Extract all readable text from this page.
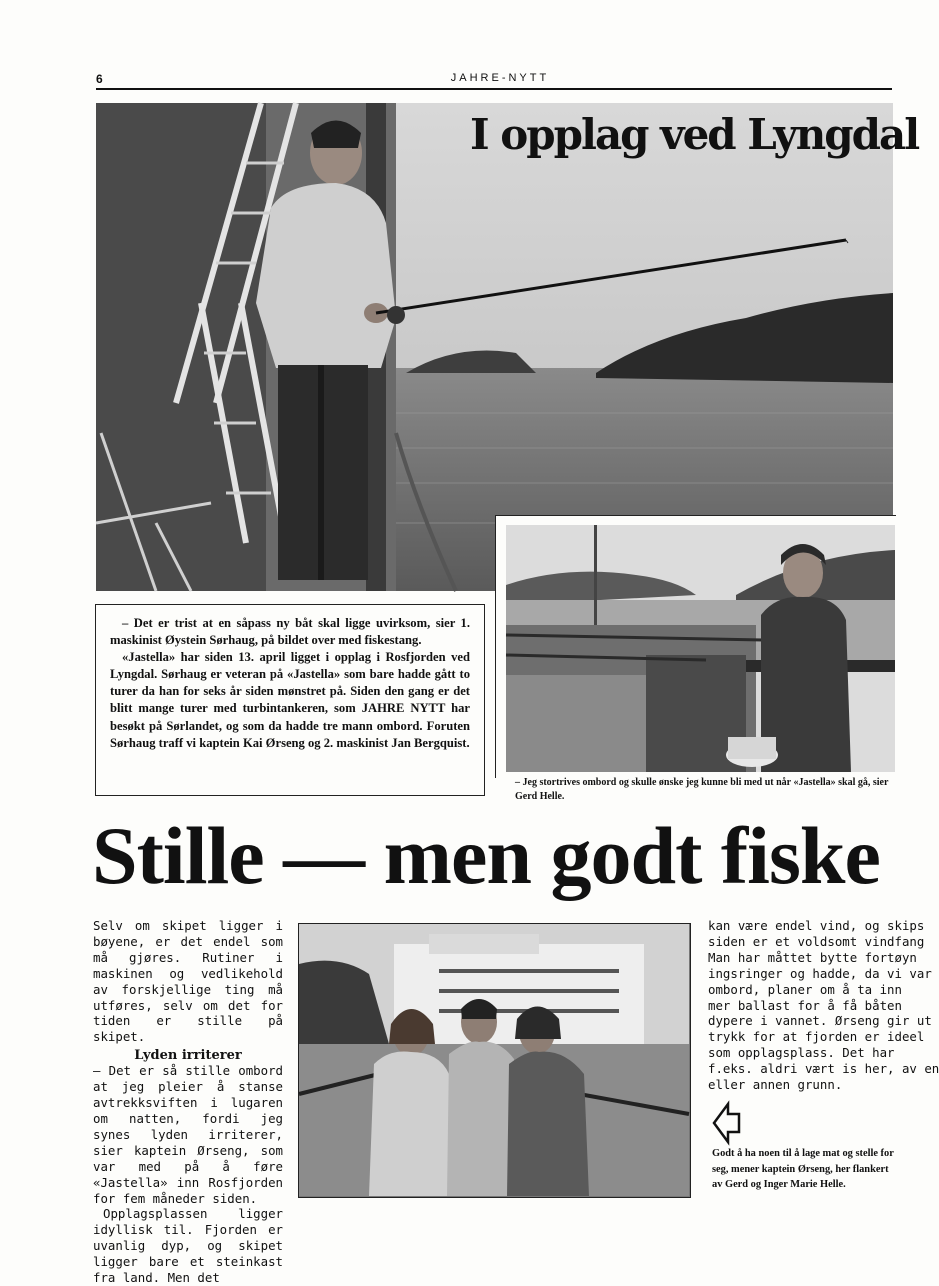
6	JAHRE-NYTT
I opplag ved Lyngdal

– Det er trist at en såpass ny båt skal ligge uvirksom, sier 1. maskinist Øystein Sørhaug, på bildet over med fiskestang.

«Jastella» har siden 13. april ligget i opplag i Rosfjorden ved Lyngdal. Sørhaug er veteran på «Jastella» som bare hadde gått to turer da han for seks år siden mønstret på. Siden den gang er det blitt mange turer med turbintankeren, som JAHRE NYTT har besøkt på Sørlandet, og som da hadde tre mann ombord. Foruten Sørhaug traff vi kaptein Kai Ørseng og 2. maskinist Jan Bergquist.

– Jeg stortrives ombord og skulle ønske jeg kunne bli med ut når «Jastella» skal gå, sier Gerd Helle.
Stille — men godt fiske

Selv om skipet ligger i bøyene, er det endel som må gjøres. Rutiner i maskinen og vedlikehold av forskjellige ting må utføres, selv om det for tiden er stille på skipet.

Lyden irriterer

– Det er så stille ombord at jeg pleier å stanse avtrekksviften i lugaren om natten, fordi jeg synes lyden irriterer, sier kaptein Ørseng, som var med på å føre «Jastella» inn Rosfjorden for fem måneder siden.

Opplagsplassen ligger idyllisk til. Fjorden er uvanlig dyp, og skipet ligger bare et steinkast fra land. Men det

kan være endel vind, og skips
siden er et voldsomt vindfang
Man har måttet bytte fortøyn
ingsringer og hadde, da vi var
ombord, planer om å ta inn
mer ballast for å få båten
dypere i vannet. Ørseng gir ut
trykk for at fjorden er ideel
som opplagsplass. Det har
f.eks. aldri vært is her, av en
eller annen grunn.
Godt å ha noen til å lage mat og stelle for seg, mener kaptein Ørseng, her flankert av Gerd og Inger Marie Helle.
